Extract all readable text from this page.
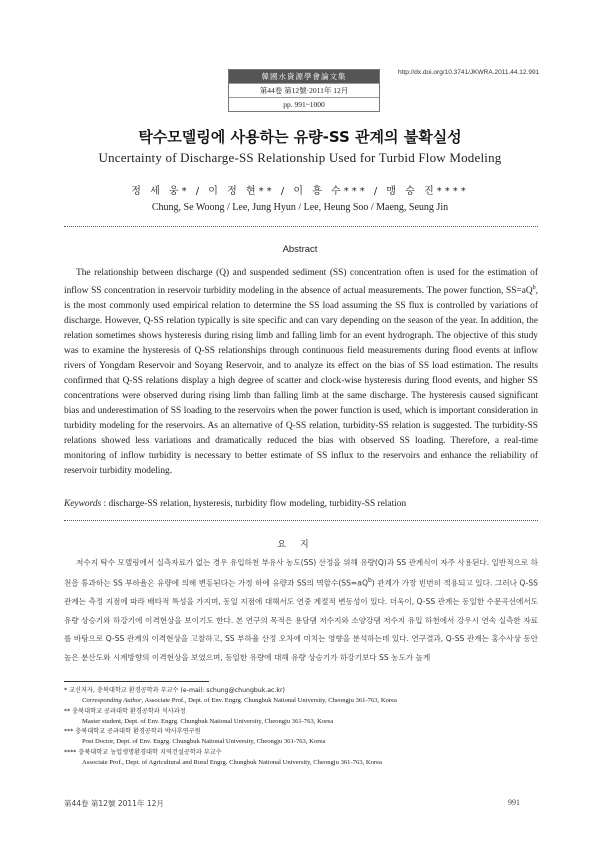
韓國水資源學會論文集
第44卷 第12號·2011年 12月
pp. 991~1000
http://dx.doi.org/10.3741/JKWRA.2011.44.12.991
탁수모델링에 사용하는 유량-SS 관계의 불확실성
Uncertainty of Discharge-SS Relationship Used for Turbid Flow Modeling
정 세 웅* / 이 정 현** / 이 흥 수*** / 맹 승 진****
Chung, Se Woong / Lee, Jung Hyun / Lee, Heung Soo / Maeng, Seung Jin
Abstract

The relationship between discharge (Q) and suspended sediment (SS) concentration often is used for the estimation of inflow SS concentration in reservoir turbidity modeling in the absence of actual measurements. The power function, $SS=aQ^b$, is the most commonly used empirical relation to determine the SS load assuming the SS flux is controlled by variations of discharge. However, Q-SS relation typically is site specific and can vary depending on the season of the year. In addition, the relation sometimes shows hysteresis during rising limb and falling limb for an event hydrograph. The objective of this study was to examine the hysteresis of Q-SS relationships through continuous field measurements during flood events at inflow rivers of Yongdam Reservoir and Soyang Reservoir, and to analyze its effect on the bias of SS load estimation. The results confirmed that Q-SS relations display a high degree of scatter and clock-wise hysteresis during flood events, and higher SS concentrations were observed during rising limb than falling limb at the same discharge. The hysteresis caused significant bias and underestimation of SS loading to the reservoirs when the power function is used, which is important consideration in turbidity modeling for the reservoirs. As an alternative of Q-SS relation, turbidity-SS relation is suggested. The turbidity-SS relations showed less variations and dramatically reduced the bias with observed SS loading. Therefore, a real-time monitoring of inflow turbidity is necessary to better estimate of SS influx to the reservoirs and enhance the reliability of reservoir turbidity modeling.

Keywords : discharge-SS relation, hysteresis, turbidity flow modeling, turbidity-SS relation
요지

저수지 탁수 모델링에서 실측자료가 없는 경우 유입하천 부유사 농도(SS) 산정을 위해 유량(Q)과 SS 관계식이 자주 사용된다. 일반적으로 하천을 통과하는 SS 부하율은 유량에 의해 변동된다는 가정 하에 유량과 SS의 멱함수$(SS=aQ^b)$ 관계가 가장 빈번히 적용되고 있다. 그러나 Q-SS 관계는 측정 지점에 따라 배타적 특성을 가지며, 동일 지점에 대해서도 연중 계절적 변동성이 있다. 더욱이, Q-SS 관계는 동일한 수문곡선에서도 유량 상승기와 하강기에 이격현상을 보이기도 한다. 본 연구의 목적은 용담댐 저수지와 소양강댐 저수지 유입 하천에서 강우시 연속 실측한 자료를 바탕으로 Q-SS 관계의 이격현상을 고찰하고, SS 부하율 산정 오차에 미치는 영향을 분석하는데 있다. 연구결과, Q-SS 관계는 홍수사상 동안 높은 분산도와 시계방향의 이격현상을 보였으며, 동일한 유량에 대해 유량 상승기가 하강기보다 SS 농도가 높게

* 교신저자, 충북대학교 환경공학과 부교수 (e-mail: schung@chungbuk.ac.kr)
Corresponding Author, Associate Prof., Dept. of Env. Engrg. Chungbuk National University, Cheongju 361-763, Korea
** 충북대학교 공과대학 환경공학과 석사과정
Master student, Dept. of Env. Engrg. Chungbuk National University, Cheongju 361-763, Korea
*** 충북대학교 공과대학 환경공학과 박사후연구원
Post Doctor, Dept. of Env. Engrg. Chungbuk National University, Cheongju 361-763, Korea
**** 충북대학교 농업생명환경대학 지역건설공학과 부교수
Associate Prof., Dept. of Agricultural and Rural Engrg. Chungbuk National University, Cheongju 361-763, Korea
第44卷 第12號 2011年 12月	991
